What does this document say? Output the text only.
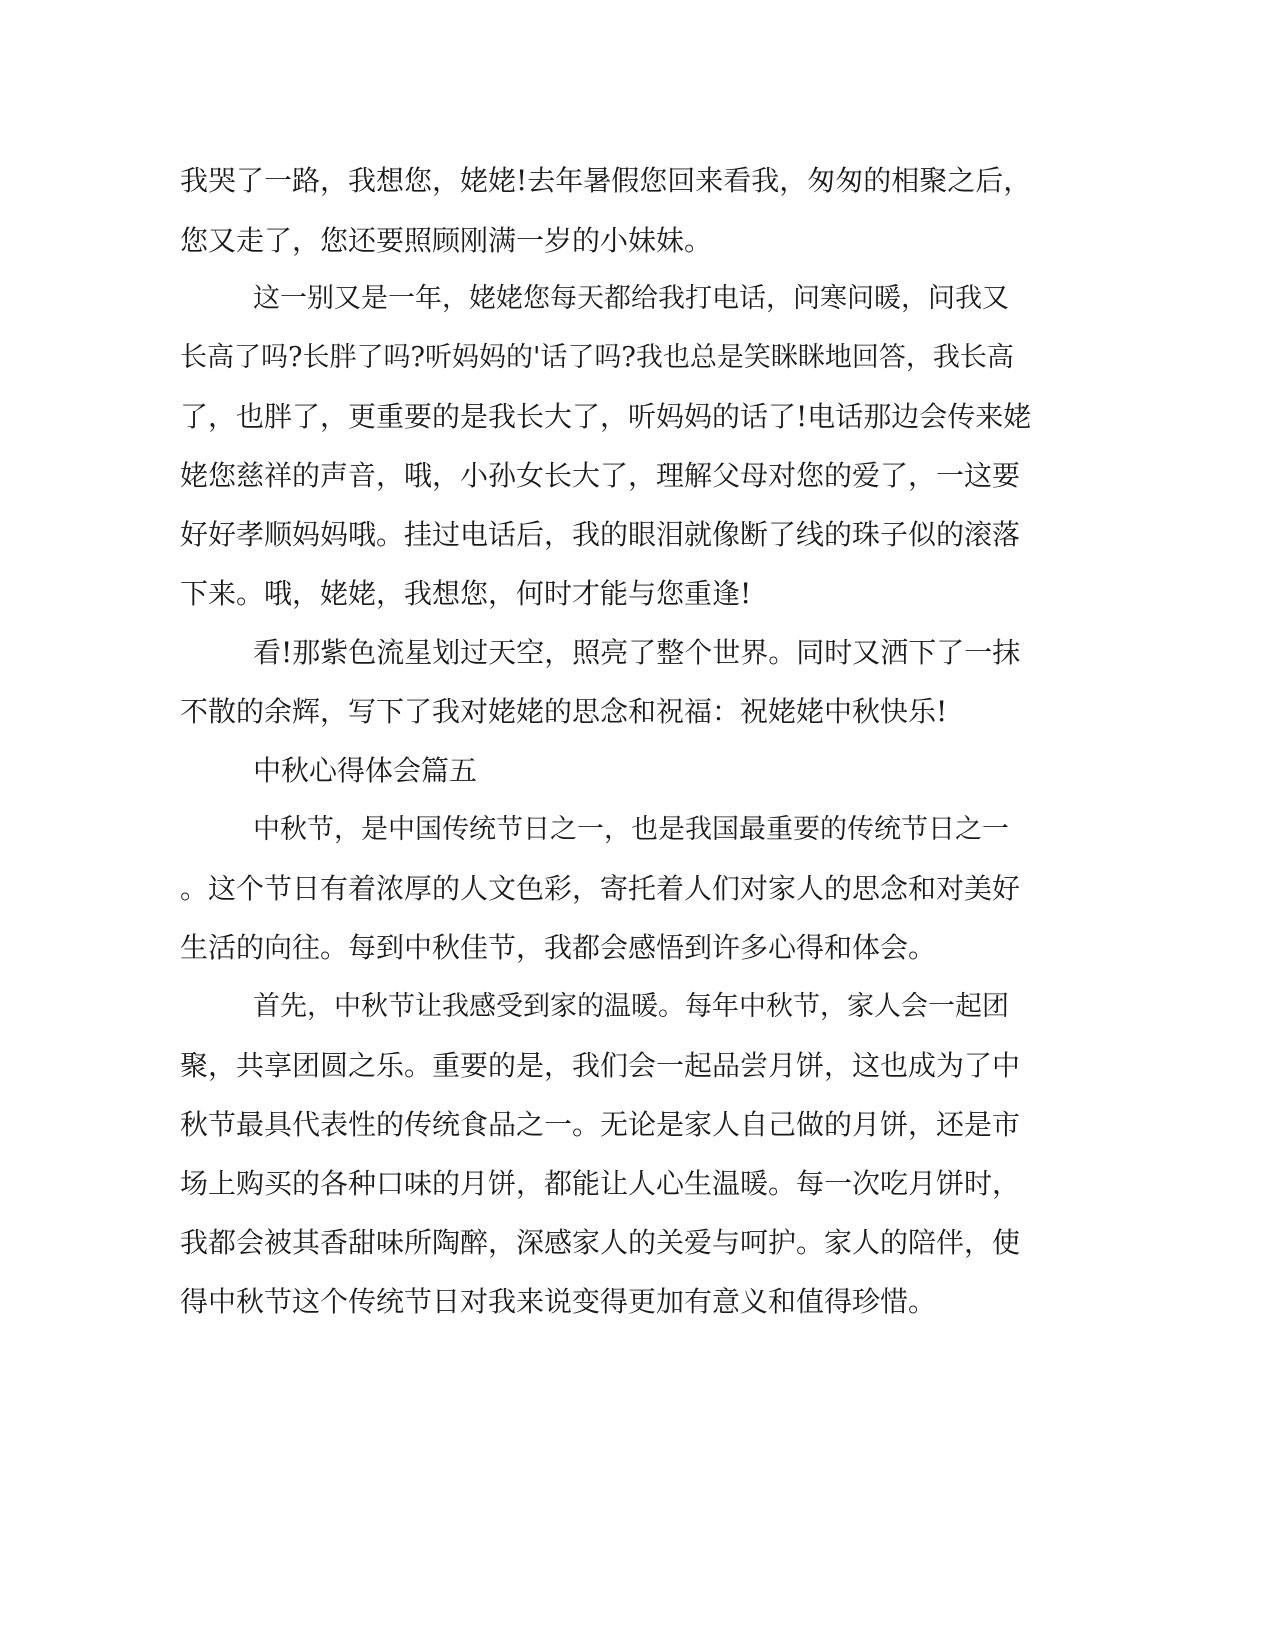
我哭了一路，我想您，姥姥!去年暑假您回来看我，匆匆的相聚之后，
您又走了，您还要照顾刚满一岁的小妹妹。
这一别又是一年，姥姥您每天都给我打电话，问寒问暖，问我又
长高了吗?长胖了吗?听妈妈的'话了吗?我也总是笑眯眯地回答，我长高
了，也胖了，更重要的是我长大了，听妈妈的话了!电话那边会传来姥
姥您慈祥的声音，哦，小孙女长大了，理解父母对您的爱了，一这要
好好孝顺妈妈哦。挂过电话后，我的眼泪就像断了线的珠子似的滚落
下来。哦，姥姥，我想您，何时才能与您重逢!
看!那紫色流星划过天空，照亮了整个世界。同时又洒下了一抹
不散的余辉，写下了我对姥姥的思念和祝福：祝姥姥中秋快乐!
中秋心得体会篇五
中秋节，是中国传统节日之一，也是我国最重要的传统节日之一
。这个节日有着浓厚的人文色彩，寄托着人们对家人的思念和对美好
生活的向往。每到中秋佳节，我都会感悟到许多心得和体会。
首先，中秋节让我感受到家的温暖。每年中秋节，家人会一起团
聚，共享团圆之乐。重要的是，我们会一起品尝月饼，这也成为了中
秋节最具代表性的传统食品之一。无论是家人自己做的月饼，还是市
场上购买的各种口味的月饼，都能让人心生温暖。每一次吃月饼时，
我都会被其香甜味所陶醉，深感家人的关爱与呵护。家人的陪伴，使
得中秋节这个传统节日对我来说变得更加有意义和值得珍惜。
